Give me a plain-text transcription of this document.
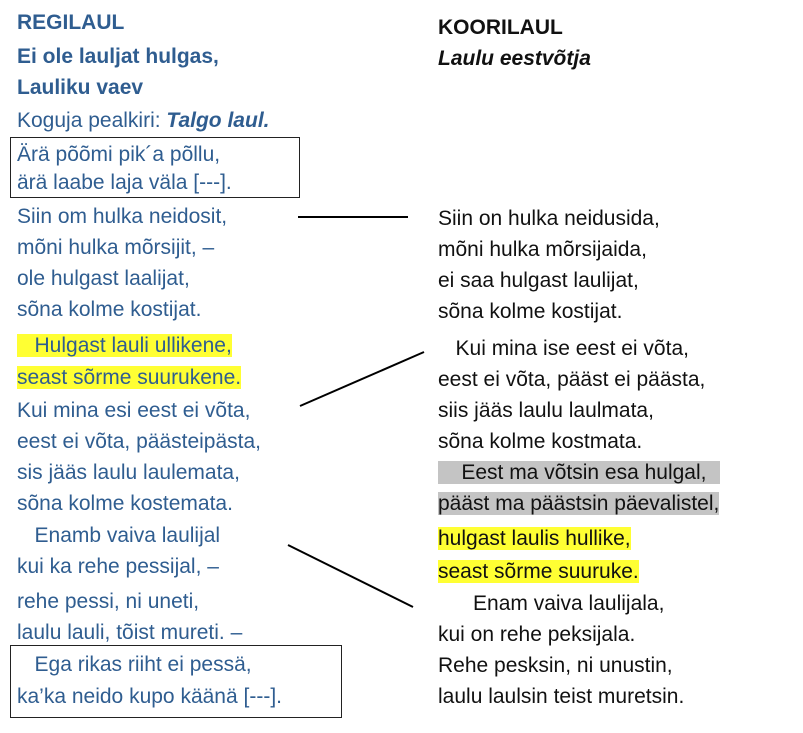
REGILAUL
Ei ole lauljat hulgas,
Lauliku vaev
Koguja pealkiri: Talgo laul.
Ärä põõmi pik´a põllu,
ärä laabe laja väla [---].
Siin om hulka neidosit,
mõni hulka mõrsijit, –
ole hulgast laalijat,
sõna kolme kostijat.
Hulgast lauli ullikene,
seast sõrme suurukene.
Kui mina esi eest ei võta,
eest ei võta, päästeipästa,
sis jääs laulu laulemata,
sõna kolme kostemata.
Enamb vaiva laulijal
kui ka rehe pessijal, –
rehe pessi, ni uneti,
laulu lauli, tõist mureti. –
Ega rikas riiht ei pessä,
ka’ka neido kupo käänä [---].
KOORILAUL
Laulu eestvõtja
Siin on hulka neidusida,
mõni hulka mõrsijaida,
ei saa hulgast laulijat,
sõna kolme kostijat.
Kui mina ise eest ei võta,
eest ei võta, pääst ei päästa,
siis jääs laulu laulmata,
sõna kolme kostmata.
Eest ma võtsin esa hulgal,
pääst ma päästsin päevalistel,
hulgast laulis hullike,
seast sõrme suuruke.
Enam vaiva laulijala,
kui on rehe peksijala.
Rehe pesksin, ni unustin,
laulu laulsin teist muretsin.
